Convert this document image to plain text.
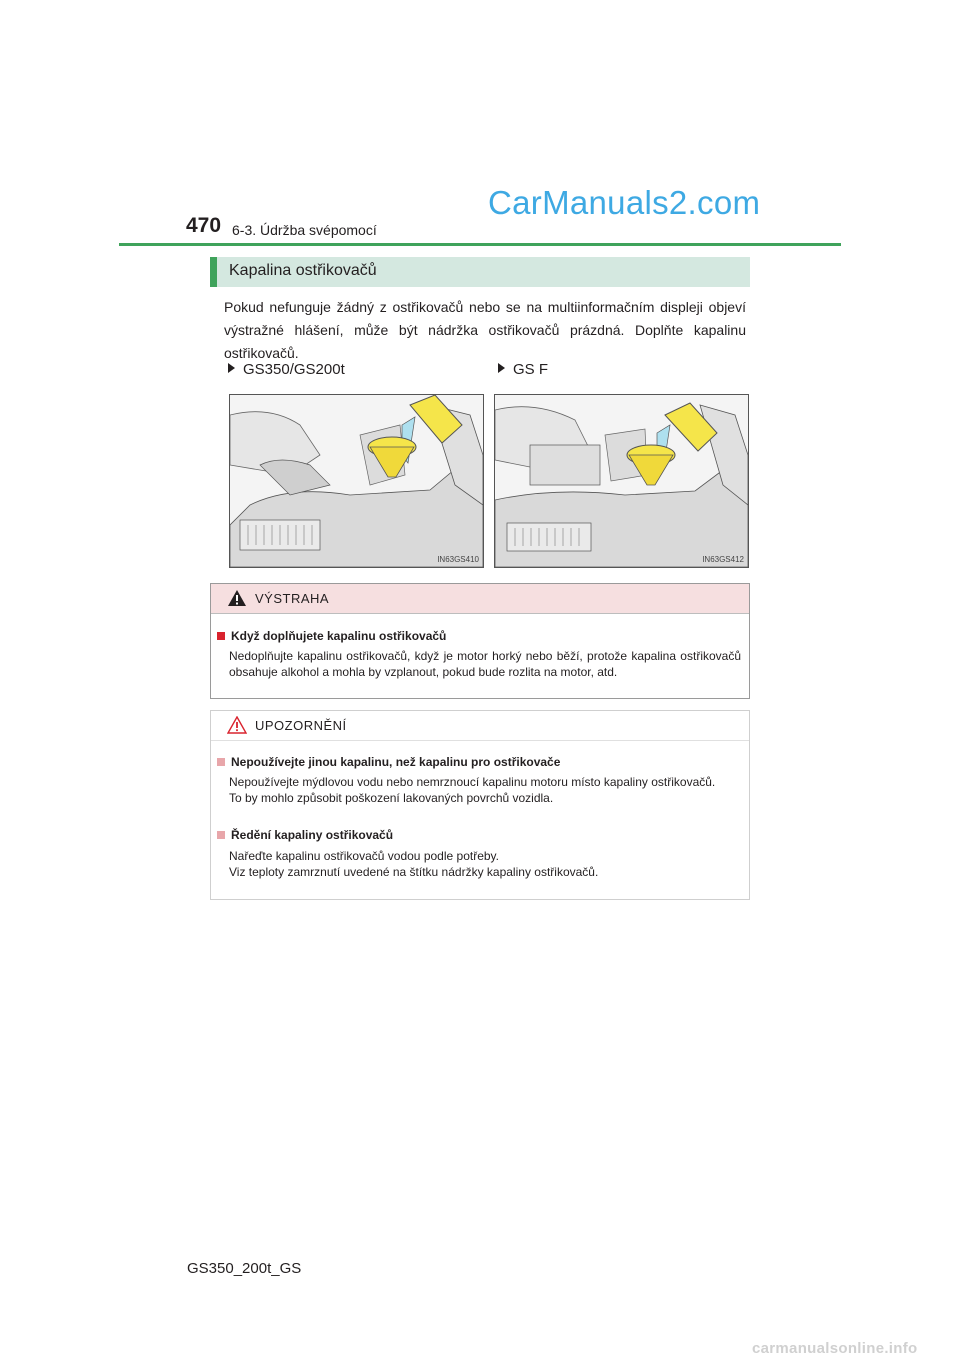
470 6-3. Údržba svépomocí
CarManuals2.com
Kapalina ostřikovačů
Pokud nefunguje žádný z ostřikovačů nebo se na multiinformačním displeji objeví výstražné hlášení, může být nádržka ostřikovačů prázdná. Doplňte kapalinu ostřikovačů.
GS350/GS200t	GS F
IN63GS410	IN63GS412
VÝSTRAHA
Když doplňujete kapalinu ostřikovačů
Nedoplňujte kapalinu ostřikovačů, když je motor horký nebo běží, protože kapalina ostřikovačů obsahuje alkohol a mohla by vzplanout, pokud bude rozlita na motor, atd.
UPOZORNĚNÍ
Nepoužívejte jinou kapalinu, než kapalinu pro ostřikovače
Nepoužívejte mýdlovou vodu nebo nemrznoucí kapalinu motoru místo kapaliny ostřikovačů.
To by mohlo způsobit poškození lakovaných povrchů vozidla.
Ředění kapaliny ostřikovačů
Nařeďte kapalinu ostřikovačů vodou podle potřeby.
Viz teploty zamrznutí uvedené na štítku nádržky kapaliny ostřikovačů.
GS350_200t_GS
carmanualsonline.info
